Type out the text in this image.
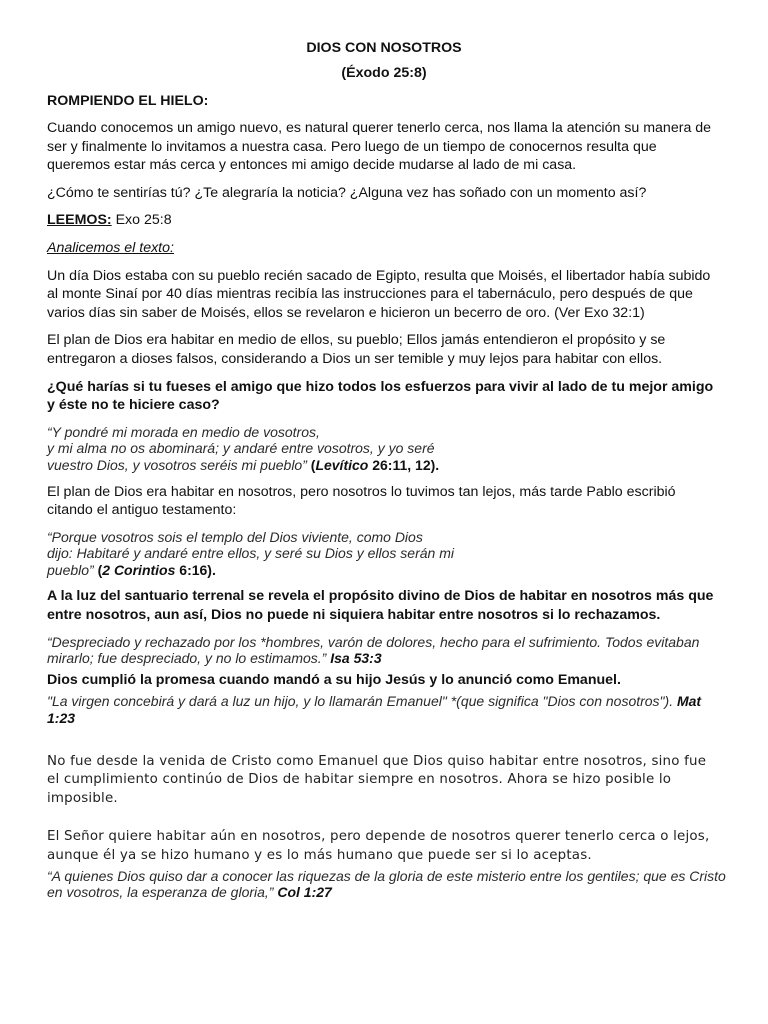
DIOS CON NOSOTROS
(Éxodo 25:8)
ROMPIENDO EL HIELO:

Cuando conocemos un amigo nuevo, es natural querer tenerlo cerca, nos llama la atención su manera de ser y finalmente lo invitamos a nuestra casa. Pero luego de un tiempo de conocernos resulta que queremos estar más cerca y entonces mi amigo decide mudarse al lado de mi casa.

¿Cómo te sentirías tú? ¿Te alegraría la noticia? ¿Alguna vez has soñado con un momento así?

LEEMOS: Exo 25:8

Analicemos el texto:

Un día Dios estaba con su pueblo recién sacado de Egipto, resulta que Moisés, el libertador había subido al monte Sinaí por 40 días mientras recibía las instrucciones para el tabernáculo, pero después de que varios días sin saber de Moisés, ellos se revelaron e hicieron un becerro de oro. (Ver Exo 32:1)

El plan de Dios era habitar en medio de ellos, su pueblo; Ellos jamás entendieron el propósito y se entregaron a dioses falsos, considerando a Dios un ser temible y muy lejos para habitar con ellos.

¿Qué harías si tu fueses el amigo que hizo todos los esfuerzos para vivir al lado de tu mejor amigo y éste no te hiciere caso?

“Y pondré mi morada en medio de vosotros,
y mi alma no os abominará; y andaré entre vosotros, y yo seré
vuestro Dios, y vosotros seréis mi pueblo” (Levítico 26:11, 12).

El plan de Dios era habitar en nosotros, pero nosotros lo tuvimos tan lejos, más tarde Pablo escribió citando el antiguo testamento:

“Porque vosotros sois el templo del Dios viviente, como Dios
dijo: Habitaré y andaré entre ellos, y seré su Dios y ellos serán mi
pueblo” (2 Corintios 6:16).

A la luz del santuario terrenal se revela el propósito divino de Dios de habitar en nosotros más que entre nosotros, aun así, Dios no puede ni siquiera habitar entre nosotros si lo rechazamos.

“Despreciado y rechazado por los *hombres, varón de dolores, hecho para el sufrimiento. Todos evitaban mirarlo; fue despreciado, y no lo estimamos.” Isa 53:3

Dios cumplió la promesa cuando mandó a su hijo Jesús y lo anunció como Emanuel.

"La virgen concebirá y dará a luz un hijo, y lo llamarán Emanuel" *(que significa "Dios con nosotros"). Mat 1:23

No fue desde la venida de Cristo como Emanuel que Dios quiso habitar entre nosotros, sino fue el cumplimiento continúo de Dios de habitar siempre en nosotros. Ahora se hizo posible lo imposible.

El Señor quiere habitar aún en nosotros, pero depende de nosotros querer tenerlo cerca o lejos, aunque él ya se hizo humano y es lo más humano que puede ser si lo aceptas.

“A quienes Dios quiso dar a conocer las riquezas de la gloria de este misterio entre los gentiles; que es Cristo en vosotros, la esperanza de gloria,” Col 1:27
